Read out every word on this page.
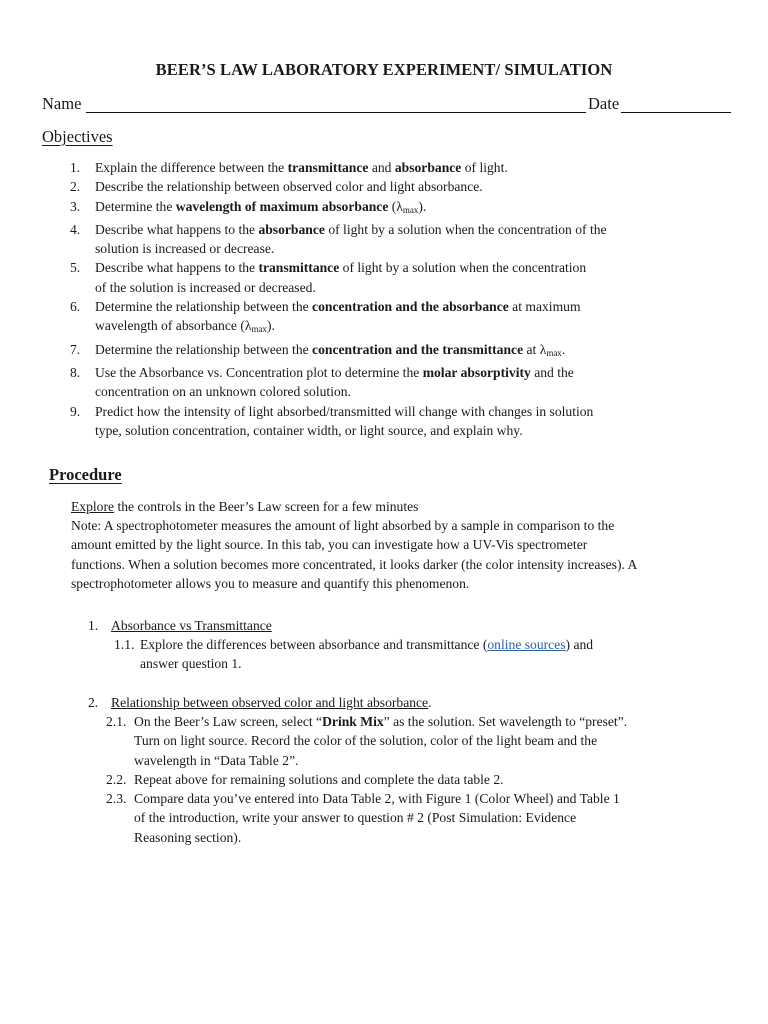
BEER’S LAW LABORATORY EXPERIMENT/ SIMULATION
Name	Date
Objectives
1. Explain the difference between the transmittance and absorbance of light.
2. Describe the relationship between observed color and light absorbance.
3. Determine the wavelength of maximum absorbance $(\lambda_{max})$.
4. Describe what happens to the absorbance of light by a solution when the concentration of the
solution is increased or decrease.
5. Describe what happens to the transmittance of light by a solution when the concentration
of the solution is increased or decreased.
6. Determine the relationship between the concentration and the absorbance at maximum
wavelength of absorbance $(\lambda_{max})$.
7. Determine the relationship between the concentration and the transmittance at $\lambda_{max}$.
8. Use the Absorbance vs. Concentration plot to determine the molar absorptivity and the
concentration on an unknown colored solution.
9. Predict how the intensity of light absorbed/transmitted will change with changes in solution
type, solution concentration, container width, or light source, and explain why.
Procedure
Explore the controls in the Beer’s Law screen for a few minutes
Note: A spectrophotometer measures the amount of light absorbed by a sample in comparison to the
amount emitted by the light source. In this tab, you can investigate how a UV-Vis spectrometer
functions. When a solution becomes more concentrated, it looks darker (the color intensity increases). A
spectrophotometer allows you to measure and quantify this phenomenon.
1. Absorbance vs Transmittance
1.1. Explore the differences between absorbance and transmittance (online sources) and
answer question 1.
2. Relationship between observed color and light absorbance.
2.1. On the Beer’s Law screen, select “Drink Mix” as the solution. Set wavelength to “preset”.
Turn on light source. Record the color of the solution, color of the light beam and the
wavelength in “Data Table 2”.
2.2. Repeat above for remaining solutions and complete the data table 2.
2.3. Compare data you’ve entered into Data Table 2, with Figure 1 (Color Wheel) and Table 1
of the introduction, write your answer to question # 2 (Post Simulation: Evidence
Reasoning section).
